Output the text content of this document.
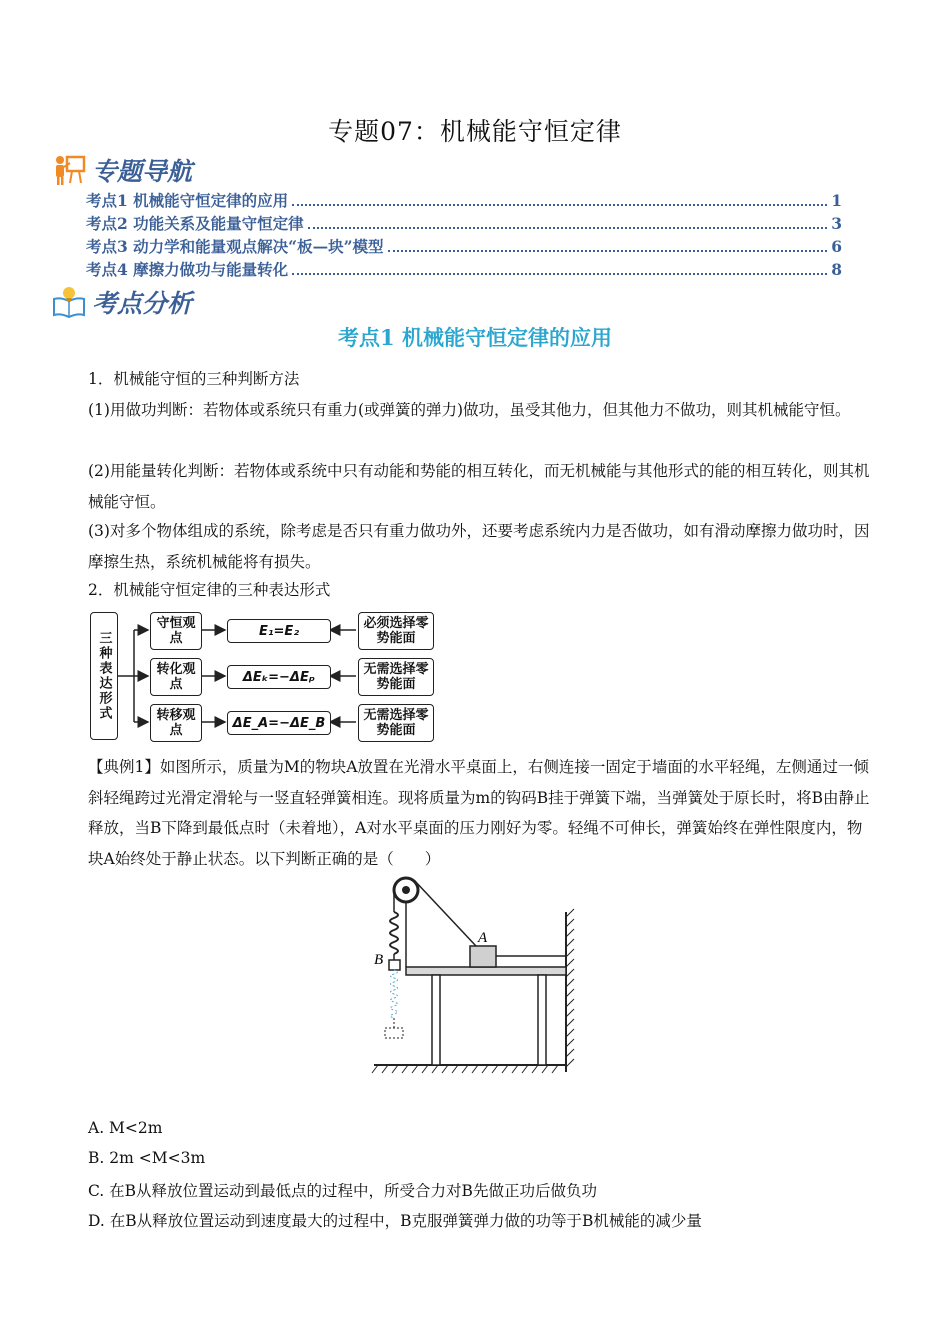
专题07：机械能守恒定律
专题导航
考点1 机械能守恒定律的应用	1
考点2 功能关系及能量守恒定律	3
考点3 动力学和能量观点解决“板—块”模型	6
考点4 摩擦力做功与能量转化	8
考点分析
考点1 机械能守恒定律的应用
1．机械能守恒的三种判断方法
(1)用做功判断：若物体或系统只有重力(或弹簧的弹力)做功，虽受其他力，但其他力不做功，则其机械能守恒。
(2)用能量转化判断：若物体或系统中只有动能和势能的相互转化，而无机械能与其他形式的能的相互转化，则其机械能守恒。
(3)对多个物体组成的系统，除考虑是否只有重力做功外，还要考虑系统内力是否做功，如有滑动摩擦力做功时，因摩擦生热，系统机械能将有损失。
2．机械能守恒定律的三种表达形式
三种表达形式
守恒观点
转化观点
转移观点
E₁=E₂
ΔEₖ=−ΔEₚ
ΔE_A=−ΔE_B
必须选择零势能面
无需选择零势能面
无需选择零势能面
【典例1】如图所示，质量为M的物块A放置在光滑水平桌面上，右侧连接一固定于墙面的水平轻绳，左侧通过一倾斜轻绳跨过光滑定滑轮与一竖直轻弹簧相连。现将质量为m的钩码B挂于弹簧下端，当弹簧处于原长时，将B由静止释放，当B下降到最低点时（未着地），A对水平桌面的压力刚好为零。轻绳不可伸长，弹簧始终在弹性限度内，物块A始终处于静止状态。以下判断正确的是（　　）
A
B
A. M<2m
B. 2m <M<3m
C. 在B从释放位置运动到最低点的过程中，所受合力对B先做正功后做负功
D. 在B从释放位置运动到速度最大的过程中，B克服弹簧弹力做的功等于B机械能的减少量
